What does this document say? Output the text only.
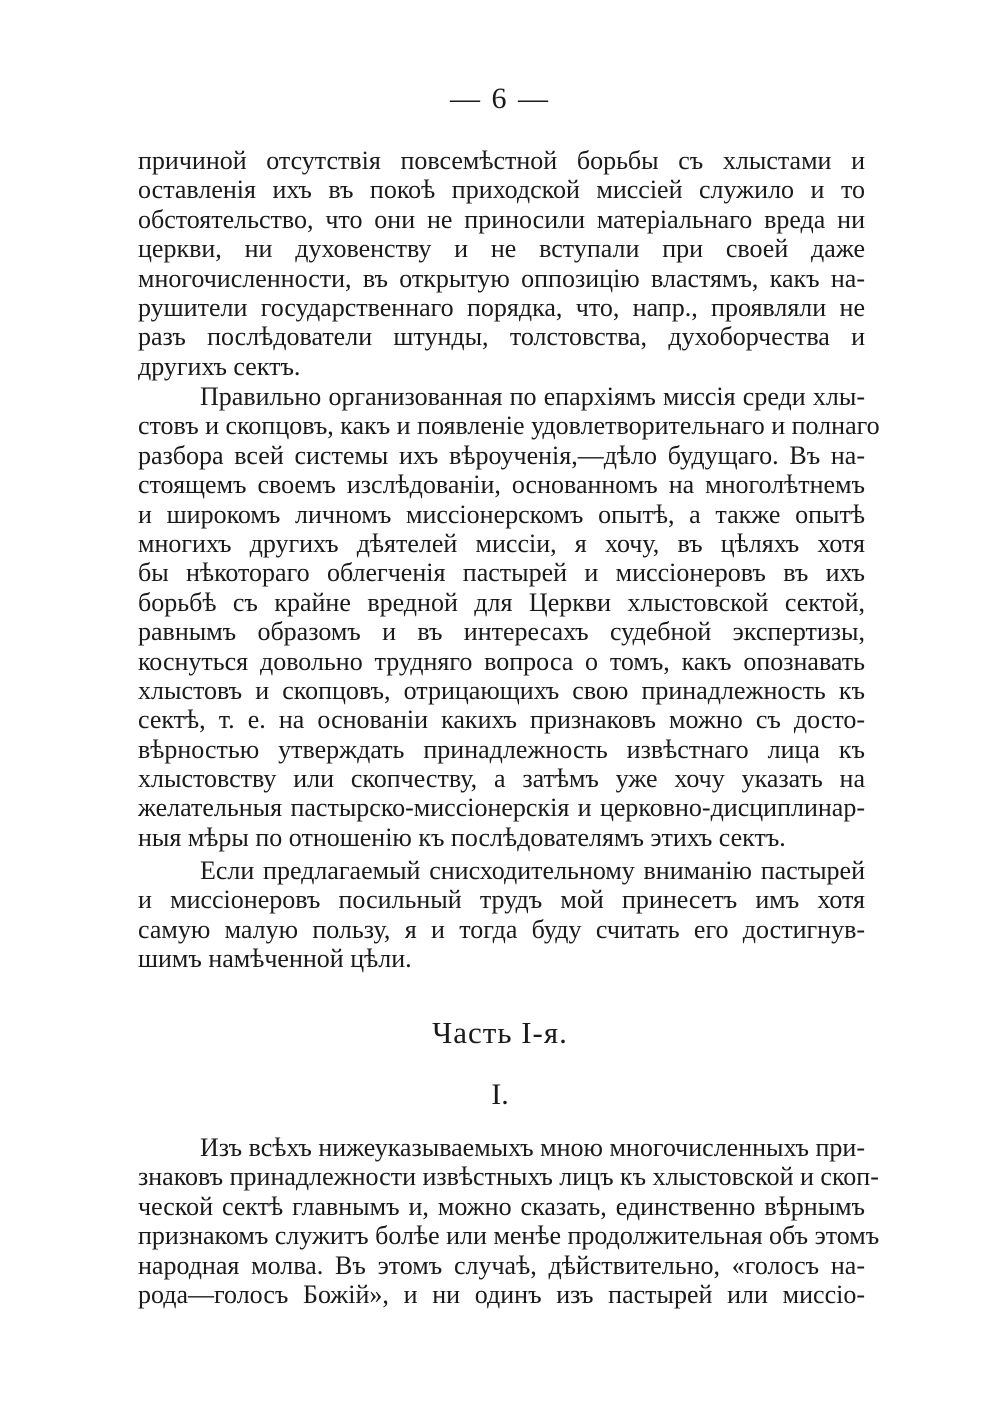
— 6 —
причиной отсутствія повсемѣстной борьбы съ хлыстами и
оставленія ихъ въ покоѣ приходской миссіей служило и то
обстоятельство, что они не приносили матеріальнаго вреда ни
церкви, ни духовенству и не вступали при своей даже
многочисленности, въ открытую оппозицію властямъ, какъ на-
рушители государственнаго порядка, что, напр., проявляли не
разъ послѣдователи штунды, толстовства, духоборчества и
другихъ сектъ.
Правильно организованная по епархіямъ миссія среди хлы-
стовъ и скопцовъ, какъ и появленіе удовлетворительнаго и полнаго
разбора всей системы ихъ вѣроученія,—дѣло будущаго. Въ на-
стоящемъ своемъ изслѣдованіи, основанномъ на многолѣтнемъ
и широкомъ личномъ миссіонерскомъ опытѣ, а также опытѣ
многихъ другихъ дѣятелей миссіи, я хочу, въ цѣляхъ хотя
бы нѣкотораго облегченія пастырей и миссіонеровъ въ ихъ
борьбѣ съ крайне вредной для Церкви хлыстовской сектой,
равнымъ образомъ и въ интересахъ судебной экспертизы,
коснуться довольно трудняго вопроса о томъ, какъ опознавать
хлыстовъ и скопцовъ, отрицающихъ свою принадлежность къ
сектѣ, т. е. на основаніи какихъ признаковъ можно съ досто-
вѣрностью утверждать принадлежность извѣстнаго лица къ
хлыстовству или скопчеству, а затѣмъ уже хочу указать на
желательныя пастырско-миссіонерскія и церковно-дисциплинар-
ныя мѣры по отношенію къ послѣдователямъ этихъ сектъ.
Если предлагаемый снисходительному вниманію пастырей
и миссіонеровъ посильный трудъ мой принесетъ имъ хотя
самую малую пользу, я и тогда буду считать его достигнув-
шимъ намѣченной цѣли.
Часть I-я.
I.
Изъ всѣхъ нижеуказываемыхъ мною многочисленныхъ при-
знаковъ принадлежности извѣстныхъ лицъ къ хлыстовской и скоп-
ческой сектѣ главнымъ и, можно сказать, единственно вѣрнымъ
признакомъ служитъ болѣе или менѣе продолжительная объ этомъ
народная молва. Въ этомъ случаѣ, дѣйствительно, «голосъ на-
рода—голосъ Божій», и ни одинъ изъ пастырей или миссіо-
